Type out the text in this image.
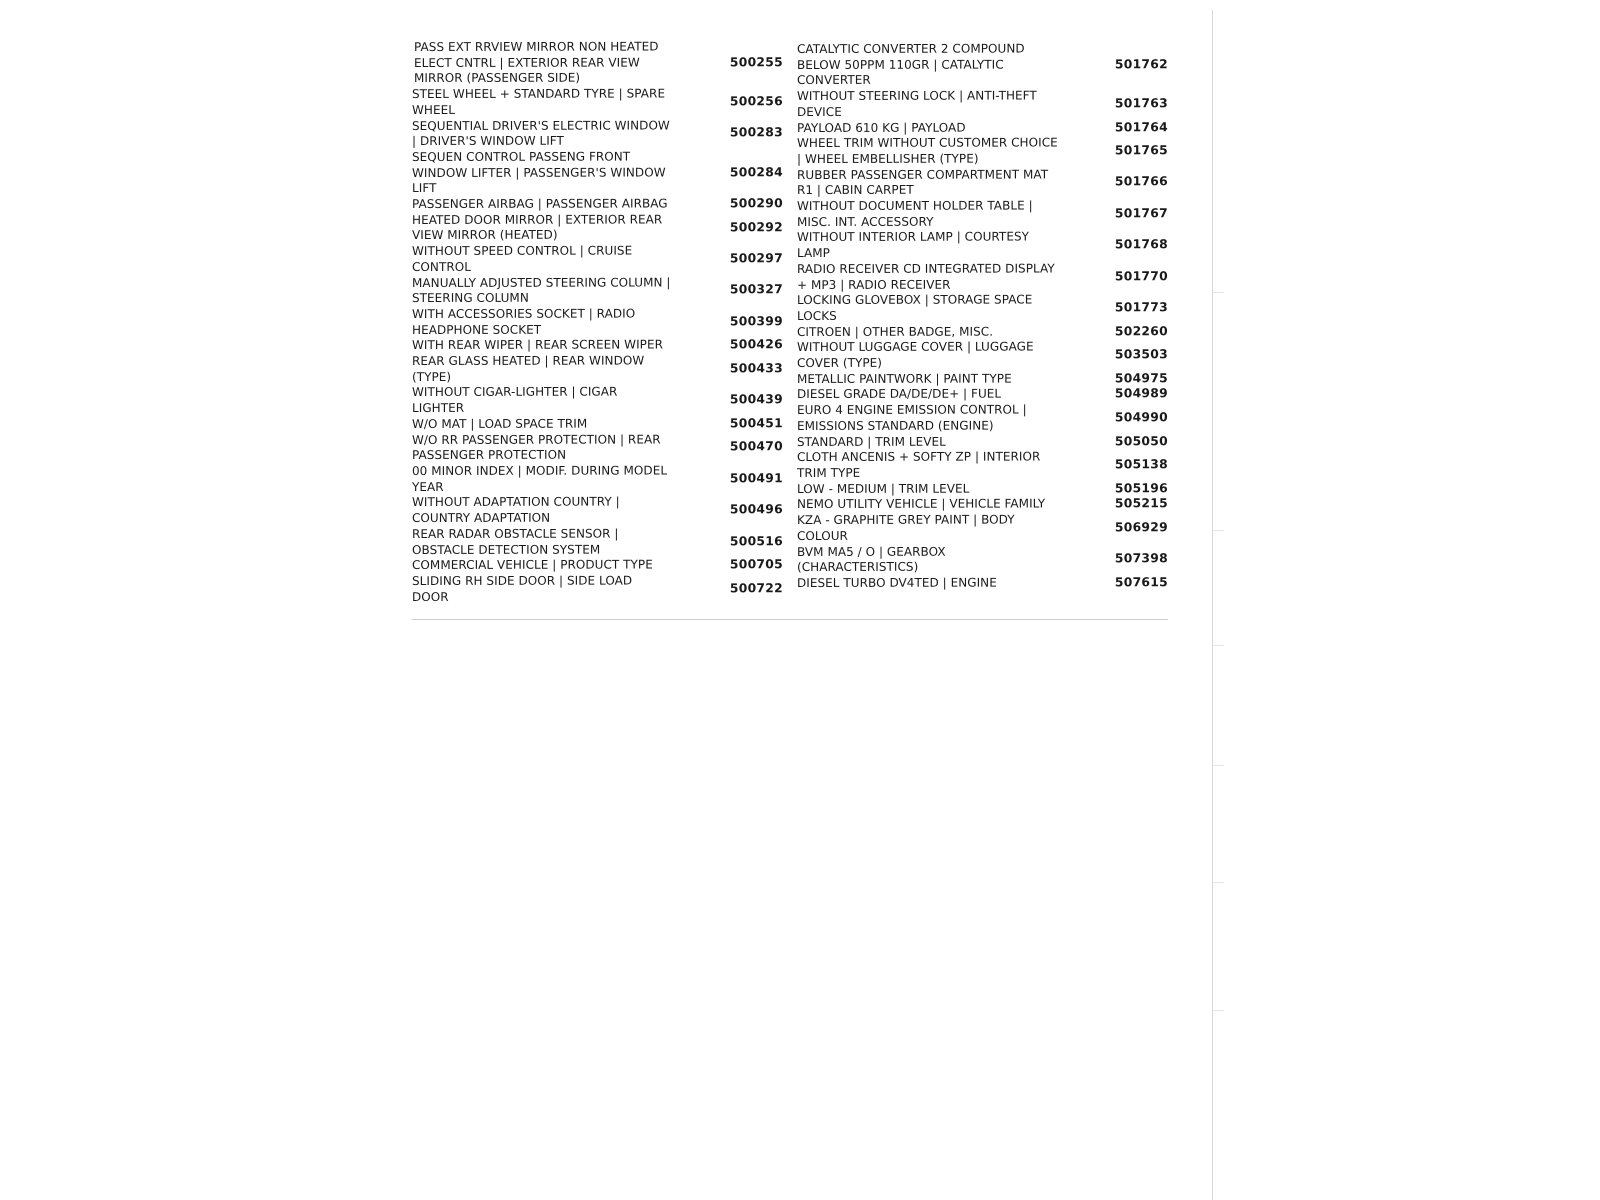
PASS EXT RRVIEW MIRROR NON HEATED
ELECT CNTRL | EXTERIOR REAR VIEW
MIRROR (PASSENGER SIDE)
500255
STEEL WHEEL + STANDARD TYRE | SPARE
WHEEL
500256
SEQUENTIAL DRIVER'S ELECTRIC WINDOW
| DRIVER'S WINDOW LIFT
500283
SEQUEN CONTROL PASSENG FRONT
WINDOW LIFTER | PASSENGER'S WINDOW
LIFT
500284
PASSENGER AIRBAG | PASSENGER AIRBAG	500290
HEATED DOOR MIRROR | EXTERIOR REAR
VIEW MIRROR (HEATED)
500292
WITHOUT SPEED CONTROL | CRUISE
CONTROL
500297
MANUALLY ADJUSTED STEERING COLUMN |
STEERING COLUMN
500327
WITH ACCESSORIES SOCKET | RADIO
HEADPHONE SOCKET
500399
WITH REAR WIPER | REAR SCREEN WIPER	500426
REAR GLASS HEATED | REAR WINDOW
(TYPE)
500433
WITHOUT CIGAR-LIGHTER | CIGAR
LIGHTER
500439
W/O MAT | LOAD SPACE TRIM	500451
W/O RR PASSENGER PROTECTION | REAR
PASSENGER PROTECTION
500470
00 MINOR INDEX | MODIF. DURING MODEL
YEAR
500491
WITHOUT ADAPTATION COUNTRY |
COUNTRY ADAPTATION
500496
REAR RADAR OBSTACLE SENSOR |
OBSTACLE DETECTION SYSTEM
500516
COMMERCIAL VEHICLE | PRODUCT TYPE	500705
SLIDING RH SIDE DOOR | SIDE LOAD
DOOR
500722
CATALYTIC CONVERTER 2 COMPOUND
BELOW 50PPM 110GR | CATALYTIC
CONVERTER
501762
WITHOUT STEERING LOCK | ANTI-THEFT
DEVICE
501763
PAYLOAD 610 KG | PAYLOAD	501764
WHEEL TRIM WITHOUT CUSTOMER CHOICE
| WHEEL EMBELLISHER (TYPE)
501765
RUBBER PASSENGER COMPARTMENT MAT
R1 | CABIN CARPET
501766
WITHOUT DOCUMENT HOLDER TABLE |
MISC. INT. ACCESSORY
501767
WITHOUT INTERIOR LAMP | COURTESY
LAMP
501768
RADIO RECEIVER CD INTEGRATED DISPLAY
+ MP3 | RADIO RECEIVER
501770
LOCKING GLOVEBOX | STORAGE SPACE
LOCKS
501773
CITROEN | OTHER BADGE, MISC.	502260
WITHOUT LUGGAGE COVER | LUGGAGE
COVER (TYPE)
503503
METALLIC PAINTWORK | PAINT TYPE	504975
DIESEL GRADE DA/DE/DE+ | FUEL	504989
EURO 4 ENGINE EMISSION CONTROL |
EMISSIONS STANDARD (ENGINE)
504990
STANDARD | TRIM LEVEL	505050
CLOTH ANCENIS + SOFTY ZP | INTERIOR
TRIM TYPE
505138
LOW - MEDIUM | TRIM LEVEL	505196
NEMO UTILITY VEHICLE | VEHICLE FAMILY	505215
KZA - GRAPHITE GREY PAINT | BODY
COLOUR
506929
BVM MA5 / O | GEARBOX
(CHARACTERISTICS)
507398
DIESEL TURBO DV4TED | ENGINE	507615
